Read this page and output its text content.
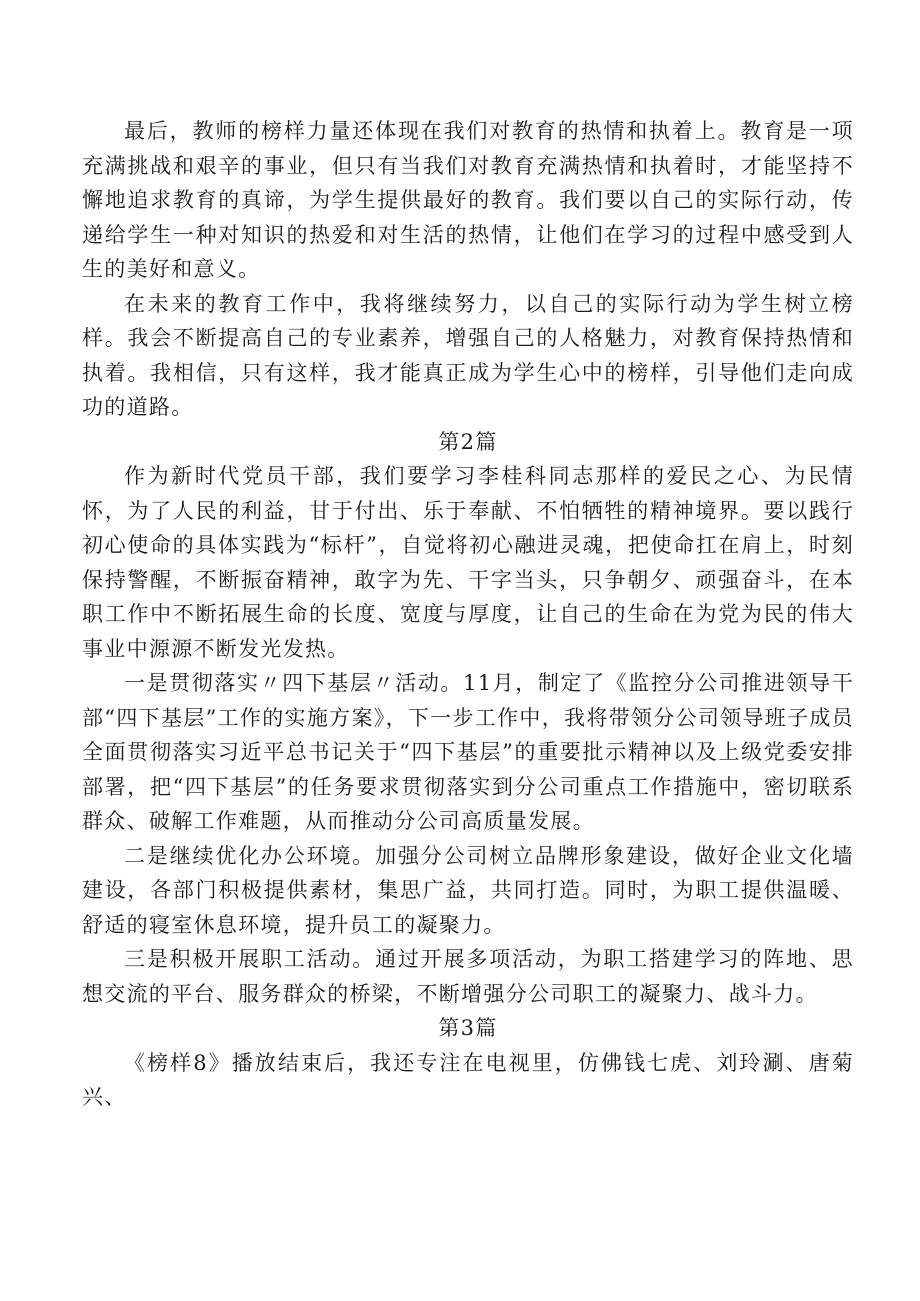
最后，教师的榜样力量还体现在我们对教育的热情和执着上。教育是一项充满挑战和艰辛的事业，但只有当我们对教育充满热情和执着时，才能坚持不懈地追求教育的真谛，为学生提供最好的教育。我们要以自己的实际行动，传递给学生一种对知识的热爱和对生活的热情，让他们在学习的过程中感受到人生的美好和意义。

在未来的教育工作中，我将继续努力，以自己的实际行动为学生树立榜样。我会不断提高自己的专业素养，增强自己的人格魅力，对教育保持热情和执着。我相信，只有这样，我才能真正成为学生心中的榜样，引导他们走向成功的道路。

第2篇

作为新时代党员干部，我们要学习李桂科同志那样的爱民之心、为民情怀，为了人民的利益，甘于付出、乐于奉献、不怕牺牲的精神境界。要以践行初心使命的具体实践为“标杆”，自觉将初心融进灵魂，把使命扛在肩上，时刻保持警醒，不断振奋精神，敢字为先、干字当头，只争朝夕、顽强奋斗，在本职工作中不断拓展生命的长度、宽度与厚度，让自己的生命在为党为民的伟大事业中源源不断发光发热。

一是贯彻落实〃四下基层〃活动。11月，制定了《监控分公司推进领导干部“四下基层”工作的实施方案》，下一步工作中，我将带领分公司领导班子成员全面贯彻落实习近平总书记关于“四下基层”的重要批示精神以及上级党委安排部署，把“四下基层”的任务要求贯彻落实到分公司重点工作措施中，密切联系群众、破解工作难题，从而推动分公司高质量发展。

二是继续优化办公环境。加强分公司树立品牌形象建设，做好企业文化墙建设，各部门积极提供素材，集思广益，共同打造。同时，为职工提供温暖、舒适的寝室休息环境，提升员工的凝聚力。

三是积极开展职工活动。通过开展多项活动，为职工搭建学习的阵地、思想交流的平台、服务群众的桥梁，不断增强分公司职工的凝聚力、战斗力。

第3篇

《榜样8》播放结束后，我还专注在电视里，仿佛钱七虎、刘玲涮、唐菊兴、
